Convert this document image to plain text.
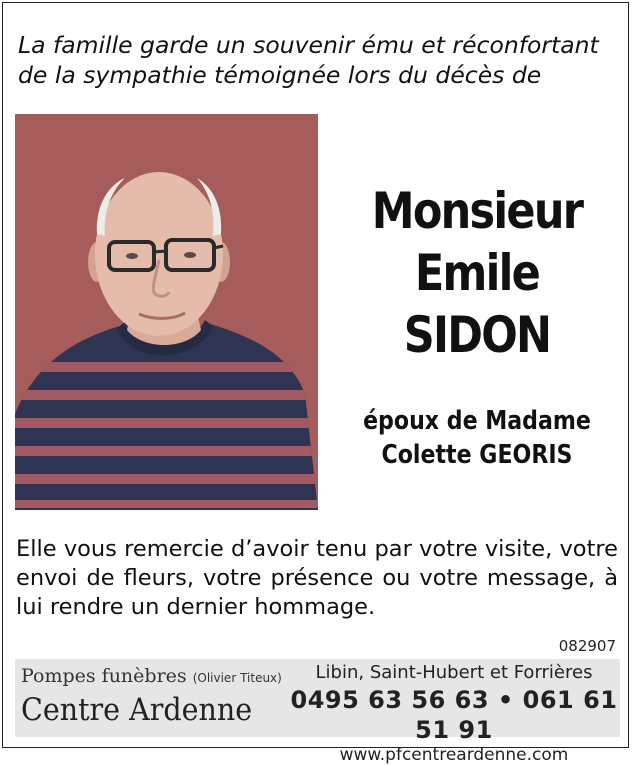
La famille garde un souvenir ému et réconfortant
de la sympathie témoignée lors du décès de
Monsieur
Emile
SIDON
époux de Madame
Colette GEORIS
Elle vous remercie d’avoir tenu par votre visite, votre envoi de fleurs, votre présence ou votre message, à lui rendre un dernier hommage.
082907
Pompes funèbres (Olivier Titeux)
Centre Ardenne
Libin, Saint-Hubert et Forrières
0495 63 56 63 • 061 61 51 91
www.pfcentreardenne.com
